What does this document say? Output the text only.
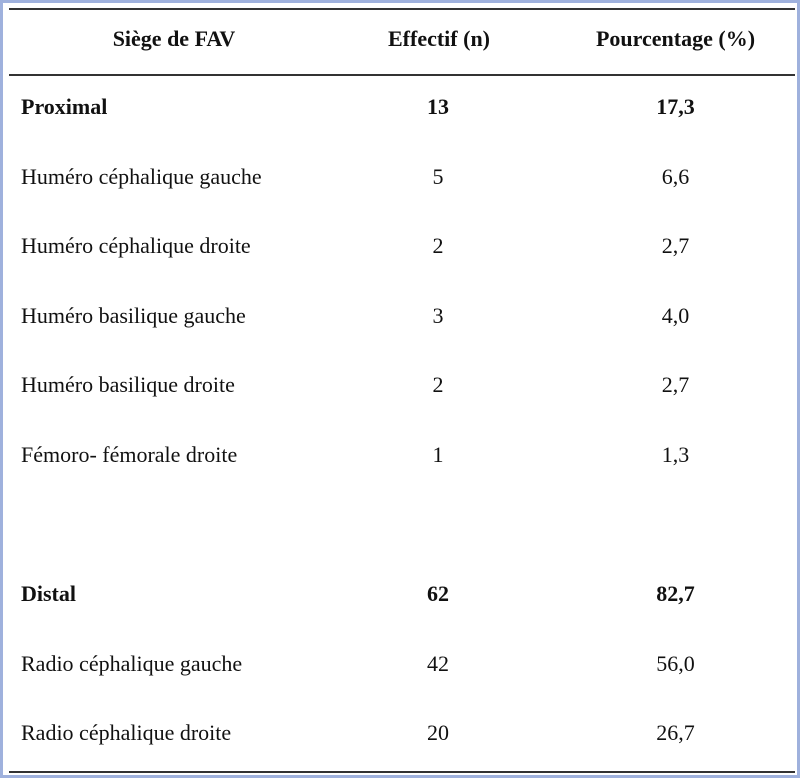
Siège de FAV	Effectif (n)	Pourcentage (%)
Proximal	13	17,3
Huméro céphalique gauche	5	6,6
Huméro céphalique droite	2	2,7
Huméro basilique gauche	3	4,0
Huméro basilique droite	2	2,7
Fémoro- fémorale droite	1	1,3
Distal	62	82,7
Radio céphalique gauche	42	56,0
Radio céphalique droite	20	26,7
